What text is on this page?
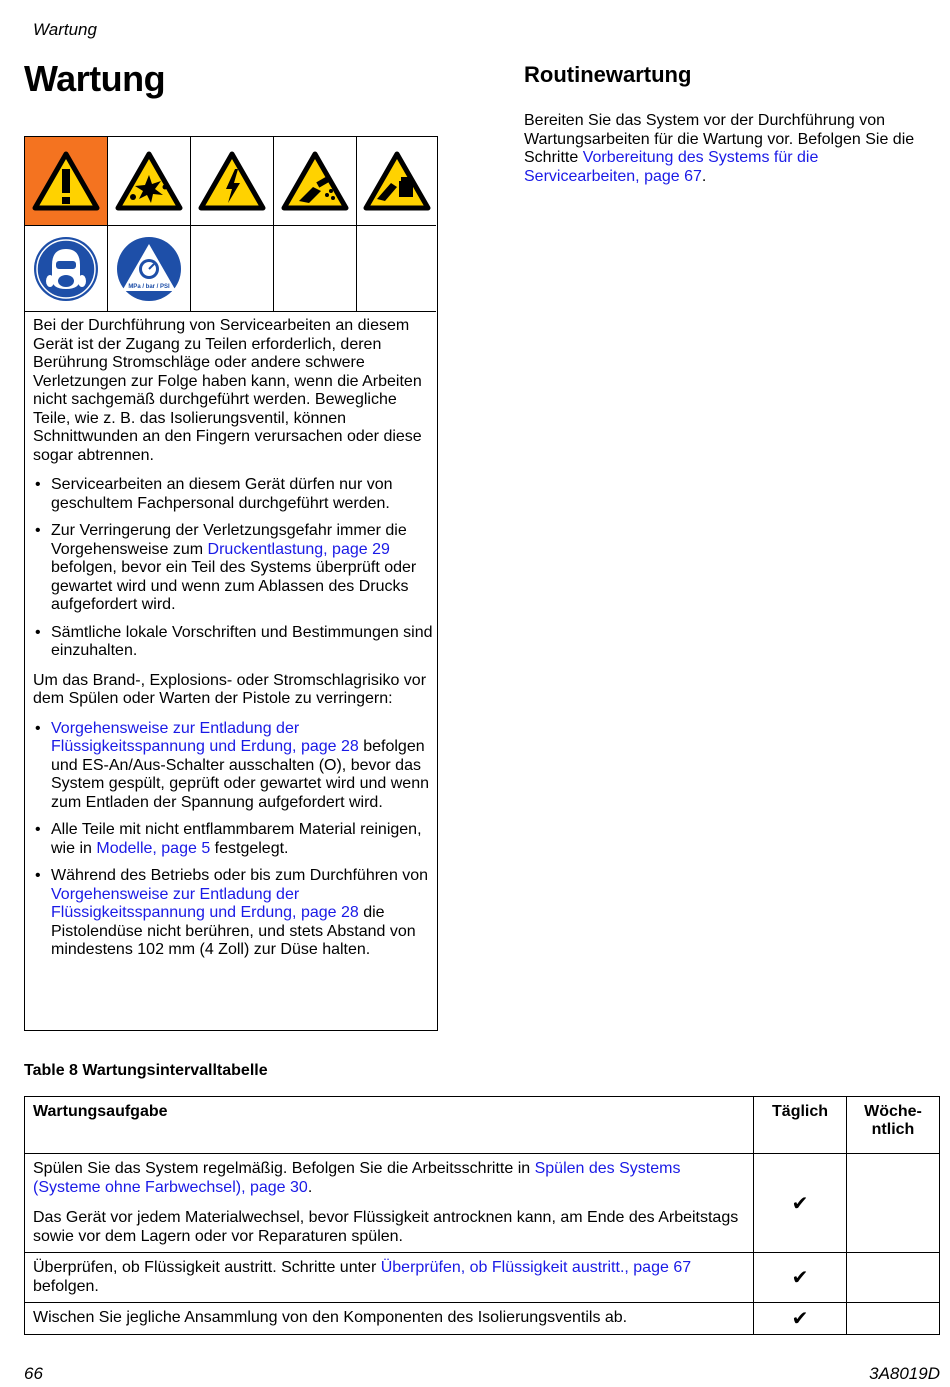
Wartung
Wartung	Routinewartung
Bereiten Sie das System vor der Durchführung von Wartungsarbeiten für die Wartung vor. Befolgen Sie die Schritte Vorbereitung des Systems für die Servicearbeiten, page 67.
MPa / bar / PSI

Bei der Durchführung von Servicearbeiten an diesem Gerät ist der Zugang zu Teilen erforderlich, deren Berührung Stromschläge oder andere schwere Verletzungen zur Folge haben kann, wenn die Arbeiten nicht sachgemäß durchgeführt werden. Bewegliche Teile, wie z. B. das Isolierungsventil, können Schnittwunden an den Fingern verursachen oder diese sogar abtrennen.

• Servicearbeiten an diesem Gerät dürfen nur von geschultem Fachpersonal durchgeführt werden.
• Zur Verringerung der Verletzungsgefahr immer die Vorgehensweise zum Druckentlastung, page 29 befolgen, bevor ein Teil des Systems überprüft oder gewartet wird und wenn zum Ablassen des Drucks aufgefordert wird.
• Sämtliche lokale Vorschriften und Bestimmungen sind einzuhalten.

Um das Brand-, Explosions- oder Stromschlagrisiko vor dem Spülen oder Warten der Pistole zu verringern:

• Vorgehensweise zur Entladung der Flüssigkeitsspannung und Erdung, page 28 befolgen und ES-An/Aus-Schalter ausschalten (O), bevor das System gespült, geprüft oder gewartet wird und wenn zum Entladen der Spannung aufgefordert wird.
• Alle Teile mit nicht entflammbarem Material reinigen, wie in Modelle, page 5 festgelegt.
• Während des Betriebs oder bis zum Durchführen von Vorgehensweise zur Entladung der Flüssigkeitsspannung und Erdung, page 28 die Pistolendüse nicht berühren, und stets Abstand von mindestens 102 mm (4 Zoll) zur Düse halten.
Table 8 Wartungsintervalltabelle
Wartungsaufgabe	Täglich	Wöche-
ntlich

Spülen Sie das System regelmäßig. Befolgen Sie die Arbeitsschritte in Spülen des Systems (Systeme ohne Farbwechsel), page 30.

Das Gerät vor jedem Materialwechsel, bevor Flüssigkeit antrocknen kann, am Ende des Arbeitstags sowie vor dem Lagern oder vor Reparaturen spülen.	✔	

Überprüfen, ob Flüssigkeit austritt. Schritte unter Überprüfen, ob Flüssigkeit austritt., page 67 befolgen.	✔	
Wischen Sie jegliche Ansammlung von den Komponenten des Isolierungsventils ab.	✔	
66	3A8019D
